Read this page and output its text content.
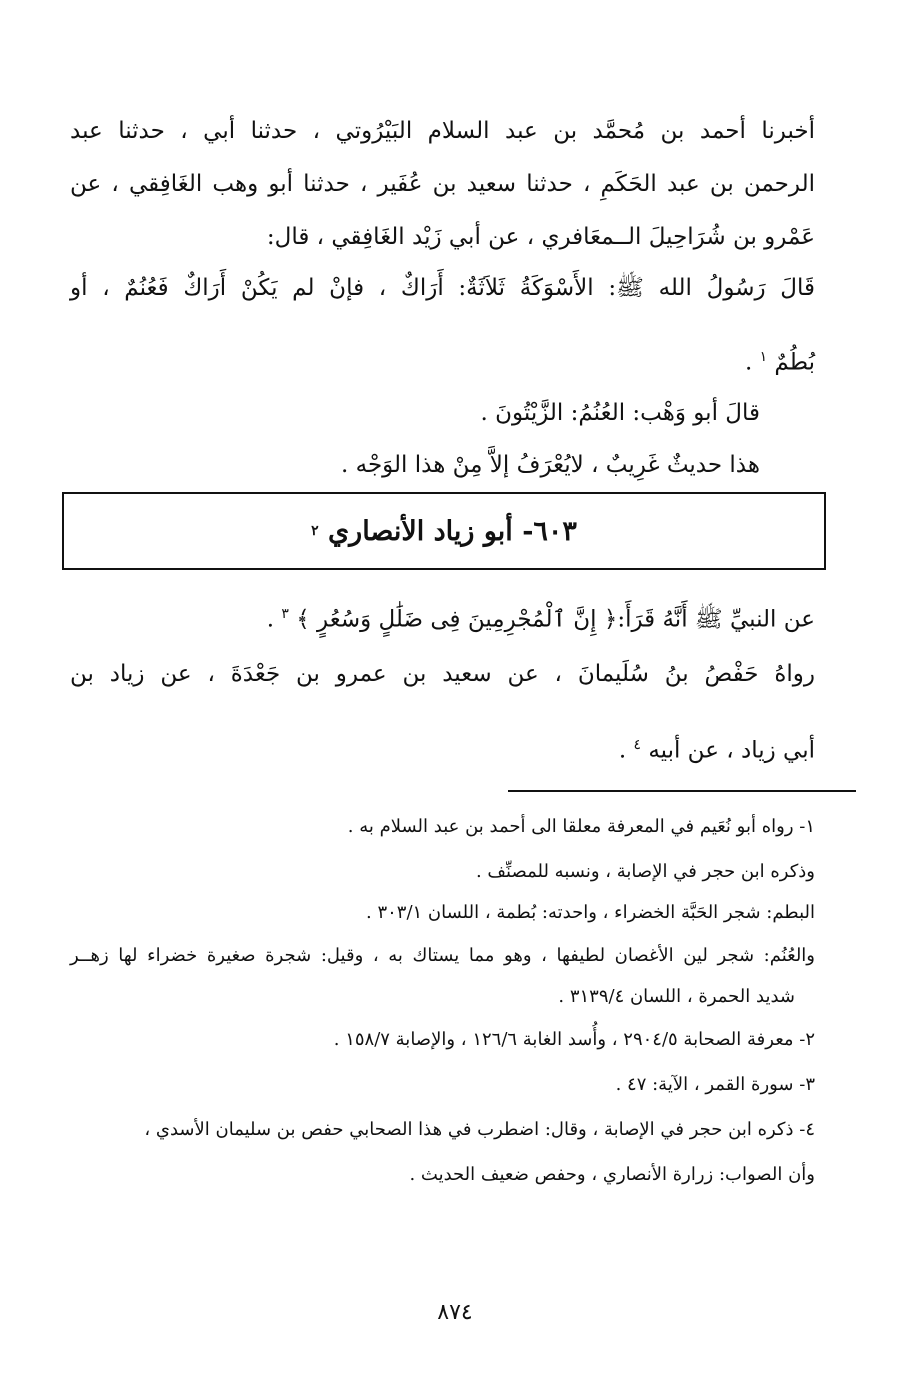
أخبرنا أحمد بن مُحمَّد بن عبد السلام البَيْرُوتي ، حدثنا أبي ، حدثنا عبد
الرحمن بن عبد الحَكَمِ ، حدثنا سعيد بن عُفَير ، حدثنا أبو وهب الغَافِقي ، عن
عَمْرو بن شُرَاحِيلَ الــمعَافري ، عن أبي زَيْد الغَافِقي ، قال:
قَالَ رَسُولُ الله ﷺ: الأَسْوَكَةُ ثَلاَثَةٌ: أَرَاكٌ ، فإنْ لم يَكُنْ أَرَاكٌ فَعُنُمٌ ، أو
بُطُمٌ $^١$ .
قالَ أبو وَهْب: العُنُمُ: الزَّيْتُونَ .
هذا حديثٌ غَرِيبٌ ، لايُعْرَفُ إلاَّ مِنْ هذا الوَجْه .
٦٠٣- أبو زياد الأنصاري

٢
عن النبيِّ ﷺ أَنَّهُ قَرَأَ:﴿ إِنَّ ٱلْمُجْرِمِينَ فِى ضَلَٰلٍ وَسُعُرٍ ﴾ $^٣$ .
رواهُ حَفْصُ بنُ سُلَيمانَ ، عن سعيد بن عمرو بن جَعْدَةَ ، عن زياد بن
أبي زياد ، عن أبيه $^٤$ .
١- رواه أبو نُعَيم في المعرفة معلقا الى أحمد بن عبد السلام به .
وذكره ابن حجر في الإصابة ، ونسبه للمصنِّف .
البطم: شجر الحَبَّة الخضراء ، واحدته: بُطمة ، اللسان ٣٠٣/١ .
والعُنُم: شجر لين الأغصان لطيفها ، وهو مما يستاك به ، وقيل: شجرة صغيرة خضراء لها زهــر
شديد الحمرة ، اللسان ٣١٣٩/٤ .
٢- معرفة الصحابة ٢٩٠٤/٥ ، وأُسد الغابة ١٢٦/٦ ، والإصابة ١٥٨/٧ .
٣- سورة القمر ، الآية: ٤٧ .
٤- ذكره ابن حجر في الإصابة ، وقال: اضطرب في هذا الصحابي حفص بن سليمان الأسدي ،
وأن الصواب: زرارة الأنصاري ، وحفص ضعيف الحديث .
٨٧٤
